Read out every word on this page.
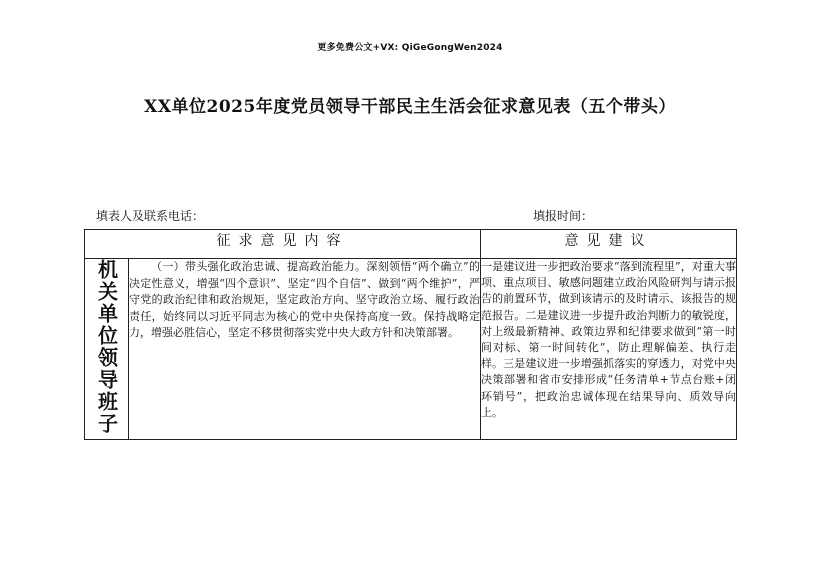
更多免费公文+VX: QiGeGongWen2024
XX单位2025年度党员领导干部民主生活会征求意见表（五个带头）
填表人及联系电话：	填报时间：
征求意见内容		意见建议
机关单位领导班子	（一）带头强化政治忠诚、提高政治能力。深刻领悟“两个确立”的决定性意义，增强“四个意识”、坚定“四个自信”、做到“两个维护”，严守党的政治纪律和政治规矩，坚定政治方向、坚守政治立场、履行政治责任，始终同以习近平同志为核心的党中央保持高度一致。保持战略定力，增强必胜信心，坚定不移贯彻落实党中央大政方针和决策部署。	一是建议进一步把政治要求“落到流程里”，对重大事项、重点项目、敏感问题建立政治风险研判与请示报告的前置环节，做到该请示的及时请示、该报告的规范报告。二是建议进一步提升政治判断力的敏锐度，对上级最新精神、政策边界和纪律要求做到“第一时间对标、第一时间转化”，防止理解偏差、执行走样。三是建议进一步增强抓落实的穿透力，对党中央决策部署和省市安排形成“任务清单+节点台账+闭环销号”，把政治忠诚体现在结果导向、质效导向上。
